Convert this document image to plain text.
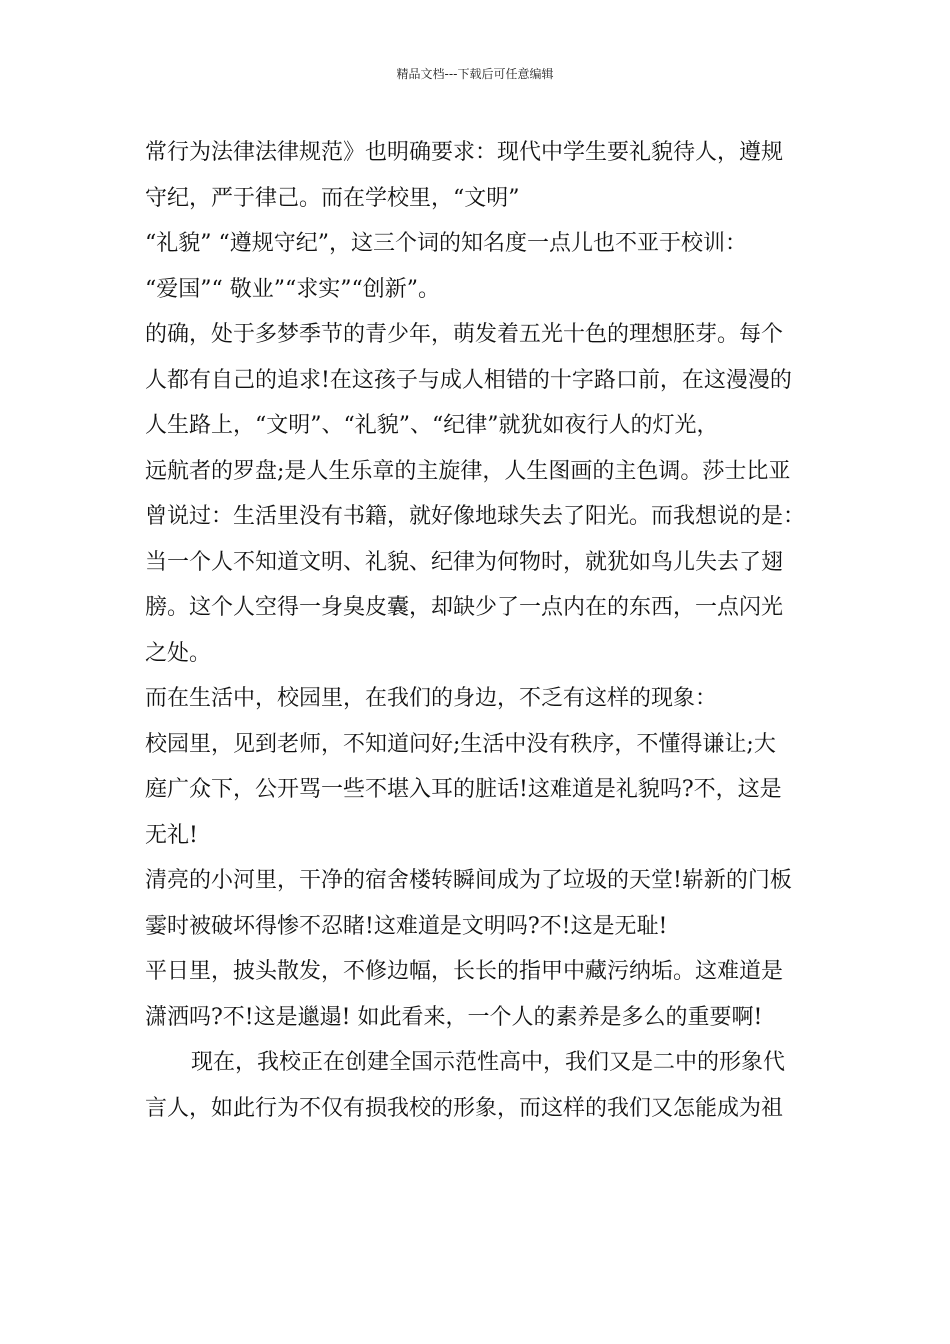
精品文档---下载后可任意编辑
常行为法律法律规范》也明确要求：现代中学生要礼貌待人，遵规
守纪，严于律己。而在学校里，“文明”
“礼貌” “遵规守纪”，这三个词的知名度一点儿也不亚于校训：
“爱国”“ 敬业”“求实”“创新”。
的确，处于多梦季节的青少年，萌发着五光十色的理想胚芽。每个
人都有自己的追求!在这孩子与成人相错的十字路口前，在这漫漫的
人生路上，“文明”、“礼貌”、“纪律”就犹如夜行人的灯光，
远航者的罗盘;是人生乐章的主旋律，人生图画的主色调。莎士比亚
曾说过：生活里没有书籍，就好像地球失去了阳光。而我想说的是：
当一个人不知道文明、礼貌、纪律为何物时，就犹如鸟儿失去了翅
膀。这个人空得一身臭皮囊，却缺少了一点内在的东西，一点闪光
之处。
而在生活中，校园里，在我们的身边，不乏有这样的现象：
校园里，见到老师，不知道问好;生活中没有秩序，不懂得谦让;大
庭广众下，公开骂一些不堪入耳的脏话!这难道是礼貌吗?不，这是
无礼!
清亮的小河里，干净的宿舍楼转瞬间成为了垃圾的天堂!崭新的门板
霎时被破坏得惨不忍睹!这难道是文明吗?不!这是无耻!
平日里，披头散发，不修边幅，长长的指甲中藏污纳垢。这难道是
潇洒吗?不!这是邋遢! 如此看来，一个人的素养是多么的重要啊!
现在，我校正在创建全国示范性高中，我们又是二中的形象代
言人，如此行为不仅有损我校的形象，而这样的我们又怎能成为祖
